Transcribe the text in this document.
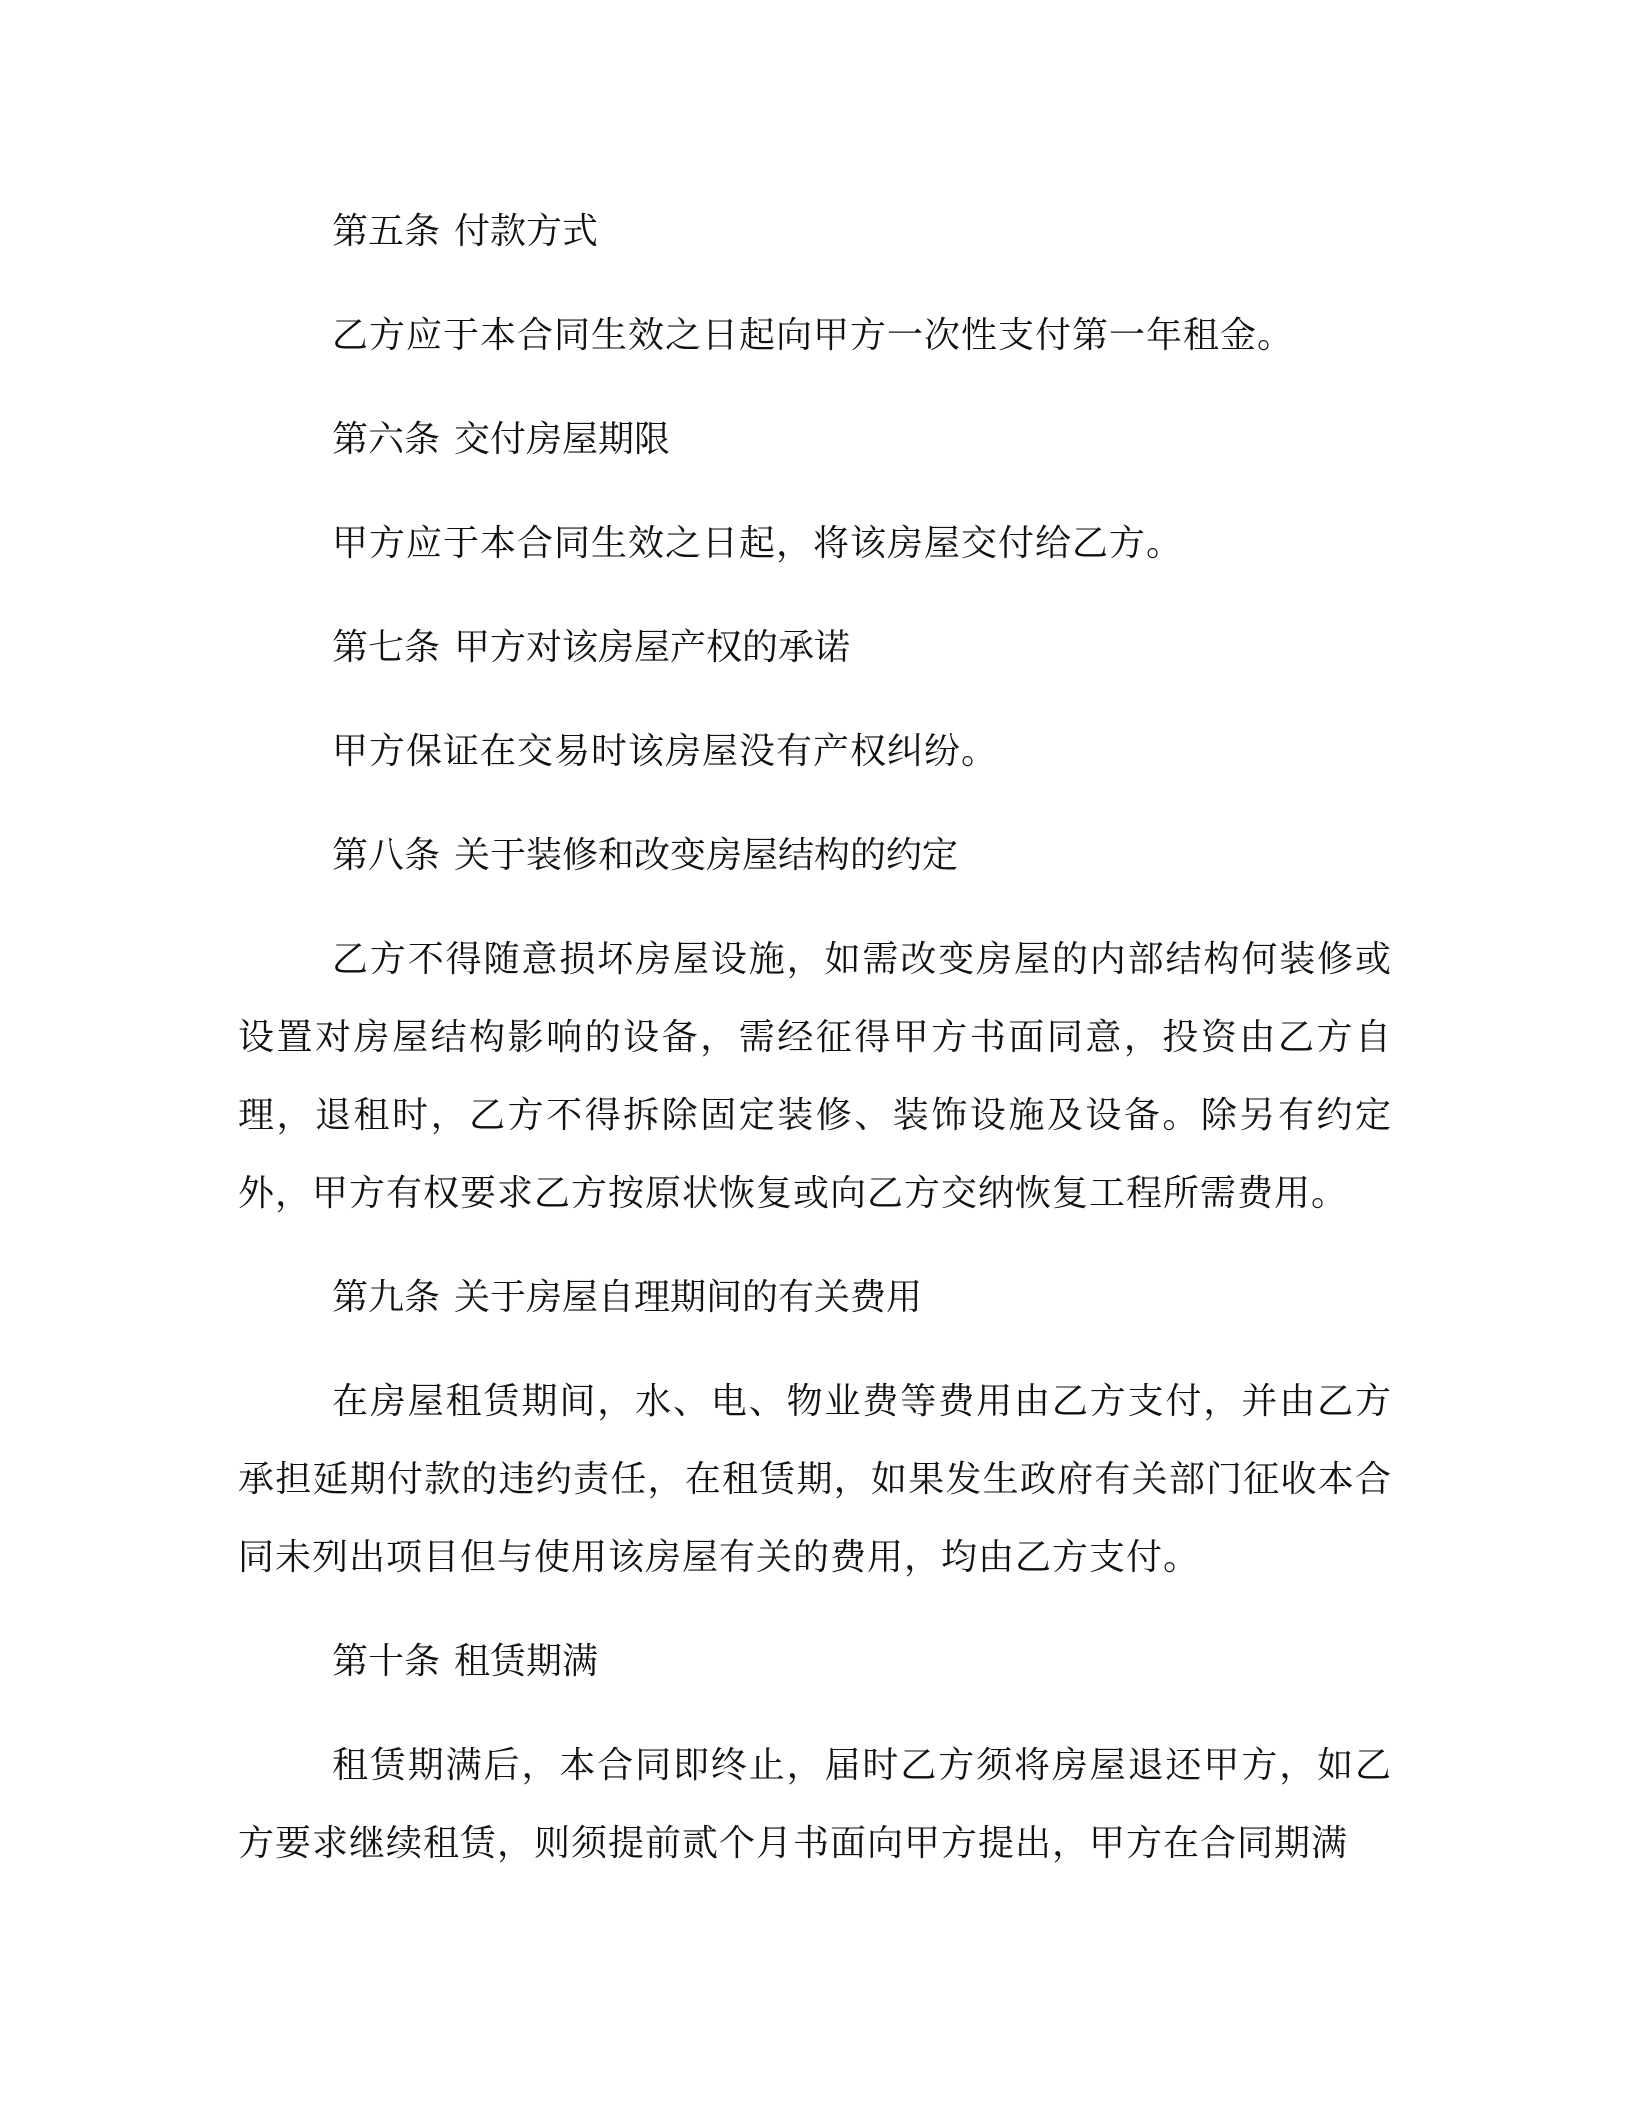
第五条 付款方式

乙方应于本合同生效之日起向甲方一次性支付第一年租金。

第六条 交付房屋期限

甲方应于本合同生效之日起，将该房屋交付给乙方。

第七条 甲方对该房屋产权的承诺

甲方保证在交易时该房屋没有产权纠纷。

第八条 关于装修和改变房屋结构的约定

乙方不得随意损坏房屋设施，如需改变房屋的内部结构何装修或设置对房屋结构影响的设备，需经征得甲方书面同意，投资由乙方自理，退租时，乙方不得拆除固定装修、装饰设施及设备。除另有约定外，甲方有权要求乙方按原状恢复或向乙方交纳恢复工程所需费用。

第九条 关于房屋自理期间的有关费用

在房屋租赁期间，水、电、物业费等费用由乙方支付，并由乙方承担延期付款的违约责任，在租赁期，如果发生政府有关部门征收本合同未列出项目但与使用该房屋有关的费用，均由乙方支付。

第十条 租赁期满

租赁期满后，本合同即终止，届时乙方须将房屋退还甲方，如乙方要求继续租赁，则须提前贰个月书面向甲方提出，甲方在合同期满
